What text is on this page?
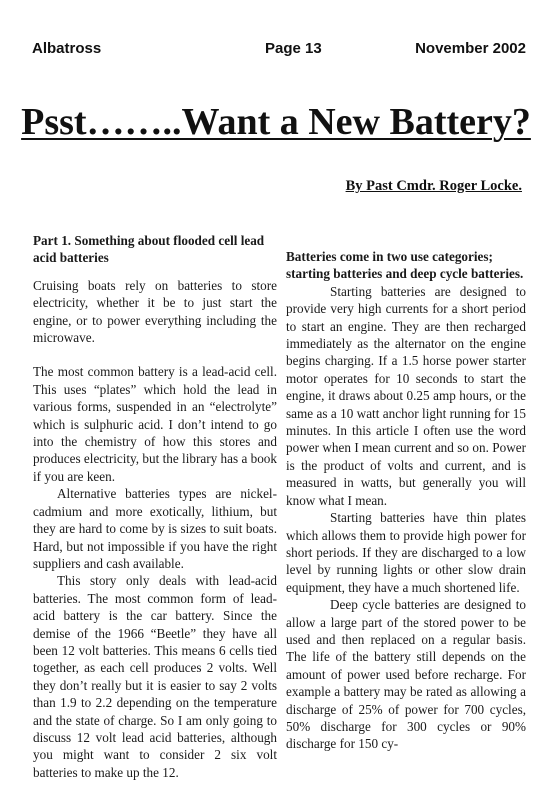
Albatross	Page 13	November 2002
Psst……..Want a New Battery?
By Past Cmdr. Roger Locke.

Part 1. Something about flooded cell lead acid batteries

Cruising boats rely on batteries to store electricity, whether it be to just start the engine, or to power everything including the microwave.

The most common battery is a lead-acid cell. This uses “plates” which hold the lead in various forms, suspended in an “electrolyte” which is sulphuric acid. I don’t intend to go into the chemistry of how this stores and produces electricity, but the library has a book if you are keen.

Alternative batteries types are nickel-cadmium and more exotically, lithium, but they are hard to come by is sizes to suit boats. Hard, but not impossible if you have the right suppliers and cash available.

This story only deals with lead-acid batteries. The most common form of lead-acid battery is the car battery. Since the demise of the 1966 “Beetle” they have all been 12 volt batteries. This means 6 cells tied together, as each cell produces 2 volts. Well they don’t really but it is easier to say 2 volts than 1.9 to 2.2 depending on the temperature and the state of charge. So I am only going to discuss 12 volt lead acid batteries, although you might want to consider 2 six volt batteries to make up the 12.

Batteries come in two use categories; starting batteries and deep cycle batteries.

Starting batteries are designed to provide very high currents for a short period to start an engine. They are then recharged immediately as the alternator on the engine begins charging. If a 1.5 horse power starter motor operates for 10 seconds to start the engine, it draws about 0.25 amp hours, or the same as a 10 watt anchor light running for 15 minutes. In this article I often use the word power when I mean current and so on. Power is the product of volts and current, and is measured in watts, but generally you will know what I mean.

Starting batteries have thin plates which allows them to provide high power for short periods. If they are discharged to a low level by running lights or other slow drain equipment, they have a much shortened life.

Deep cycle batteries are designed to allow a large part of the stored power to be used and then replaced on a regular basis. The life of the battery still depends on the amount of power used before recharge. For example a battery may be rated as allowing a discharge of 25% of power for 700 cycles, 50% discharge for 300 cycles or 90% discharge for 150 cy-
